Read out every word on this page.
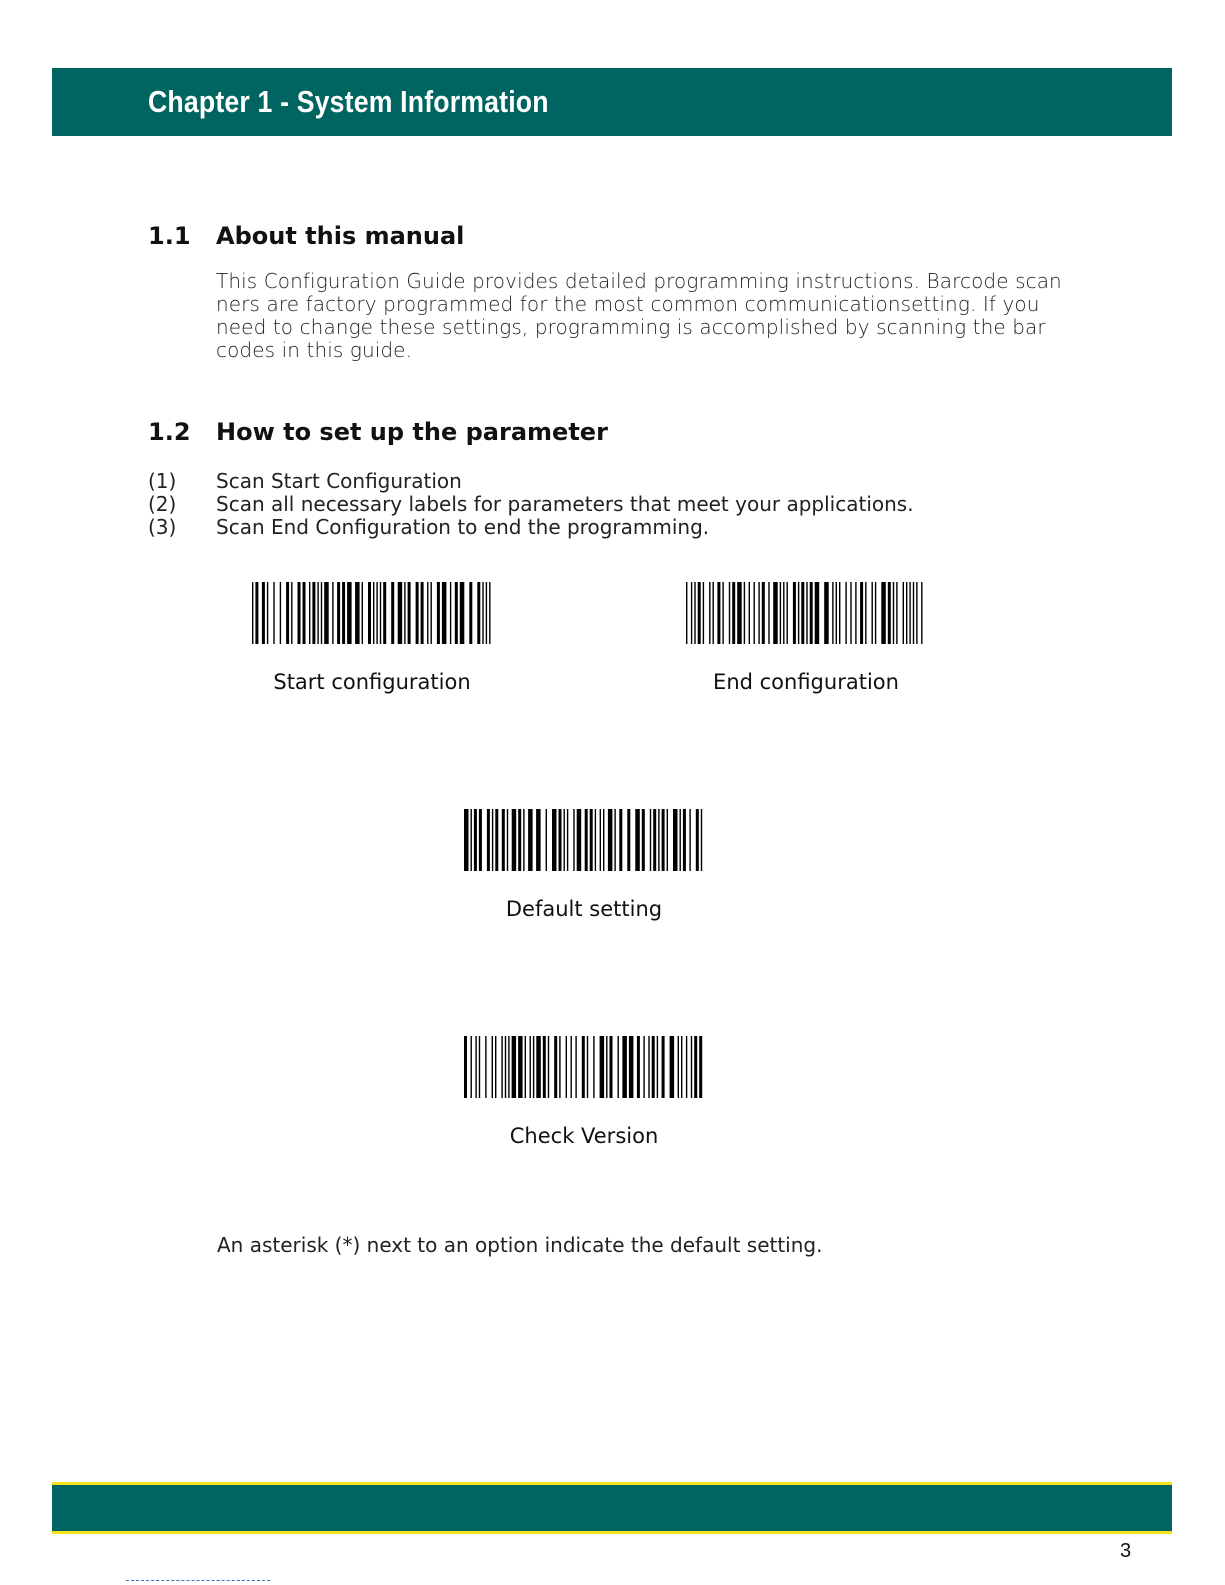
Chapter 1 - System Information
1.1 About this manual
This Configuration Guide provides detailed programming instructions. Barcode scan
ners are factory programmed for the most common communicationsetting. If you
need to change these settings, programming is accomplished by scanning the bar
codes in this guide.
1.2 How to set up the parameter
(1)	Scan Start Configuration
(2)	Scan all necessary labels for parameters that meet your applications.
(3)	Scan End Configuration to end the programming.
Start configuration	End configuration
Default setting
Check Version
An asterisk (*) next to an option indicate the default setting.
3
